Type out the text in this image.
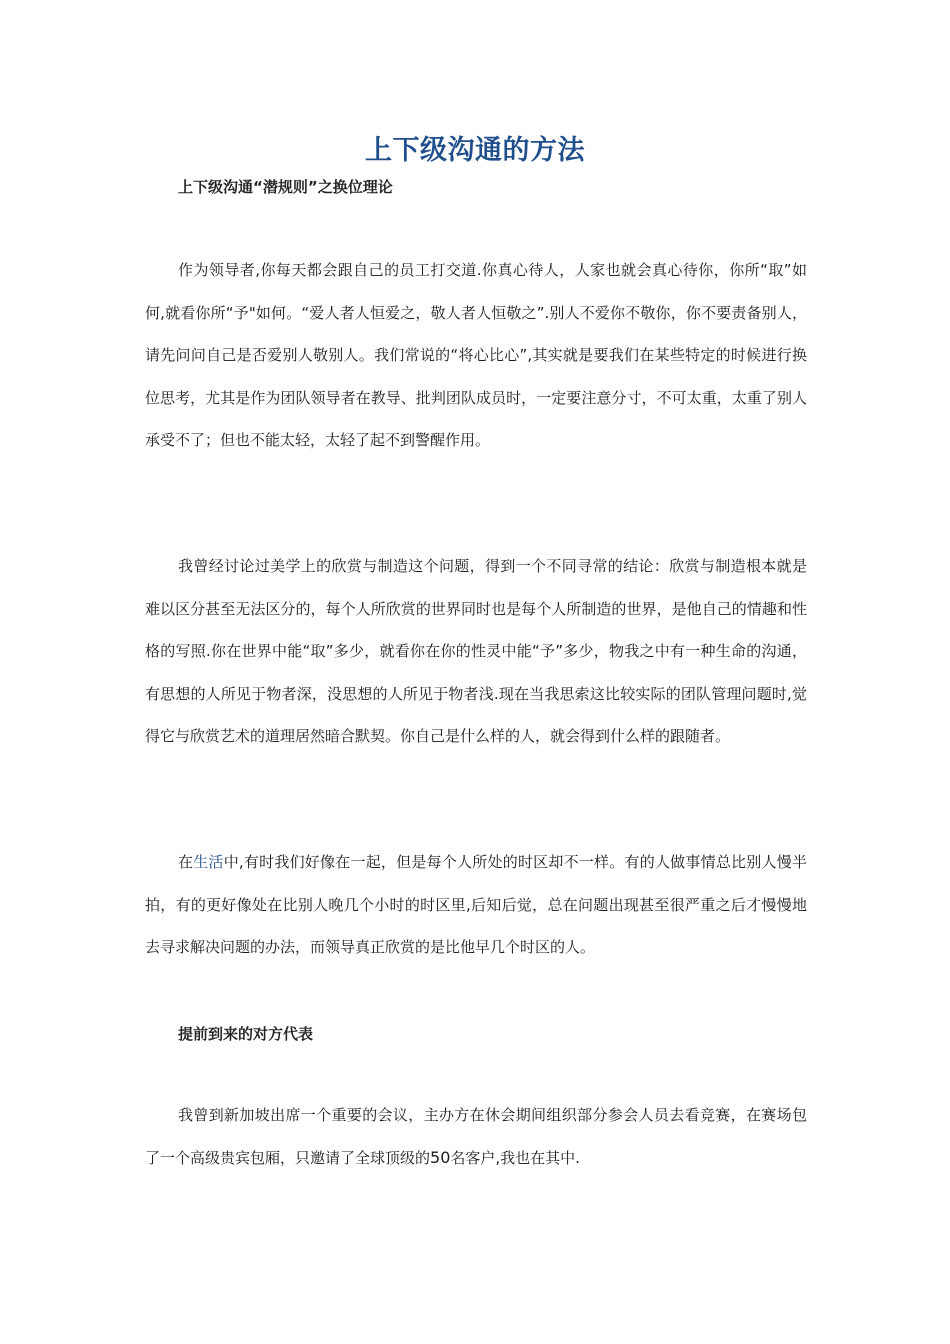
上下级沟通的方法
上下级沟通“潜规则”之换位理论

作为领导者,你每天都会跟自己的员工打交道.你真心待人，人家也就会真心待你，你所“取”如何,就看你所“予"如何。“爱人者人恒爱之，敬人者人恒敬之”.别人不爱你不敬你，你不要责备别人，请先问问自己是否爱别人敬别人。我们常说的“将心比心”,其实就是要我们在某些特定的时候进行换位思考，尤其是作为团队领导者在教导、批判团队成员时，一定要注意分寸，不可太重，太重了别人承受不了；但也不能太轻，太轻了起不到警醒作用。

我曾经讨论过美学上的欣赏与制造这个问题，得到一个不同寻常的结论：欣赏与制造根本就是难以区分甚至无法区分的，每个人所欣赏的世界同时也是每个人所制造的世界，是他自己的情趣和性格的写照.你在世界中能“取”多少，就看你在你的性灵中能“予”多少，物我之中有一种生命的沟通，有思想的人所见于物者深，没思想的人所见于物者浅.现在当我思索这比较实际的团队管理问题时,觉得它与欣赏艺术的道理居然暗合默契。你自己是什么样的人，就会得到什么样的跟随者。

在生活中,有时我们好像在一起，但是每个人所处的时区却不一样。有的人做事情总比别人慢半拍，有的更好像处在比别人晚几个小时的时区里,后知后觉，总在问题出现甚至很严重之后才慢慢地去寻求解决问题的办法，而领导真正欣赏的是比他早几个时区的人。

提前到来的对方代表

我曾到新加坡出席一个重要的会议，主办方在休会期间组织部分参会人员去看竞赛，在赛场包了一个高级贵宾包厢，只邀请了全球顶级的50名客户,我也在其中.
